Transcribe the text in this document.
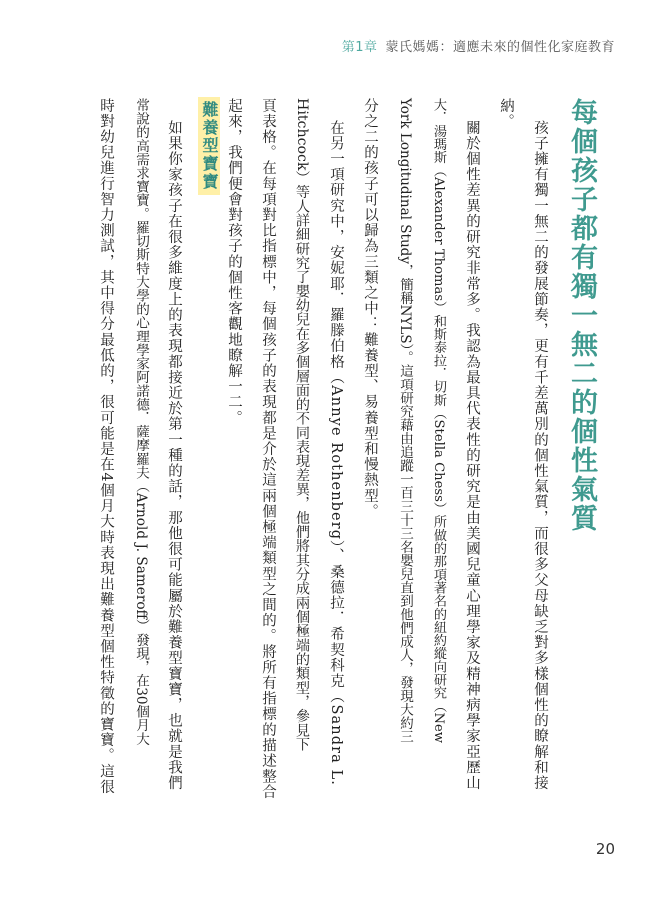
第1章 蒙氏媽媽：適應未來的個性化家庭教育
每個孩子都有獨一無二的個性氣質
孩子擁有獨一無二的發展節奏，更有千差萬別的個性氣質，而很多父母缺乏對多樣個性的瞭解和接
納。
關於個性差異的研究非常多。我認為最具代表性的研究是由美國兒童心理學家及精神病學家亞歷山
大．湯瑪斯（Alexander Thomas）和斯泰拉．切斯（Stella Chess）所做的那項著名的紐約縱向研究（New
York Longitudinal Study，簡稱NYLS）。這項研究藉由追蹤一百三十三名嬰兒直到他們成人，發現大約三
分之二的孩子可以歸為三類之中：難養型、易養型和慢熱型。
在另一項研究中，安妮耶．羅滕伯格（Annye Rothenberg）、桑德拉．希契科克（Sandra L.
Hitchcock）等人詳細研究了嬰幼兒在多個層面的不同表現差異，他們將其分成兩個極端的類型，參見下
頁表格。在每項對比指標中，每個孩子的表現都是介於這兩個極端類型之間的。將所有指標的描述整合
起來，我們便會對孩子的個性客觀地瞭解一二。
難養型寶寶
如果你家孩子在很多維度上的表現都接近於第一種的話，那他很可能屬於難養型寶寶，也就是我們
常說的高需求寶寶。羅切斯特大學的心理學家阿諾德．薩摩羅夫（Arnold J. Sameroff）發現，在30個月大
時對幼兒進行智力測試，其中得分最低的，很可能是在4個月大時表現出難養型個性特徵的寶寶。這很
20
